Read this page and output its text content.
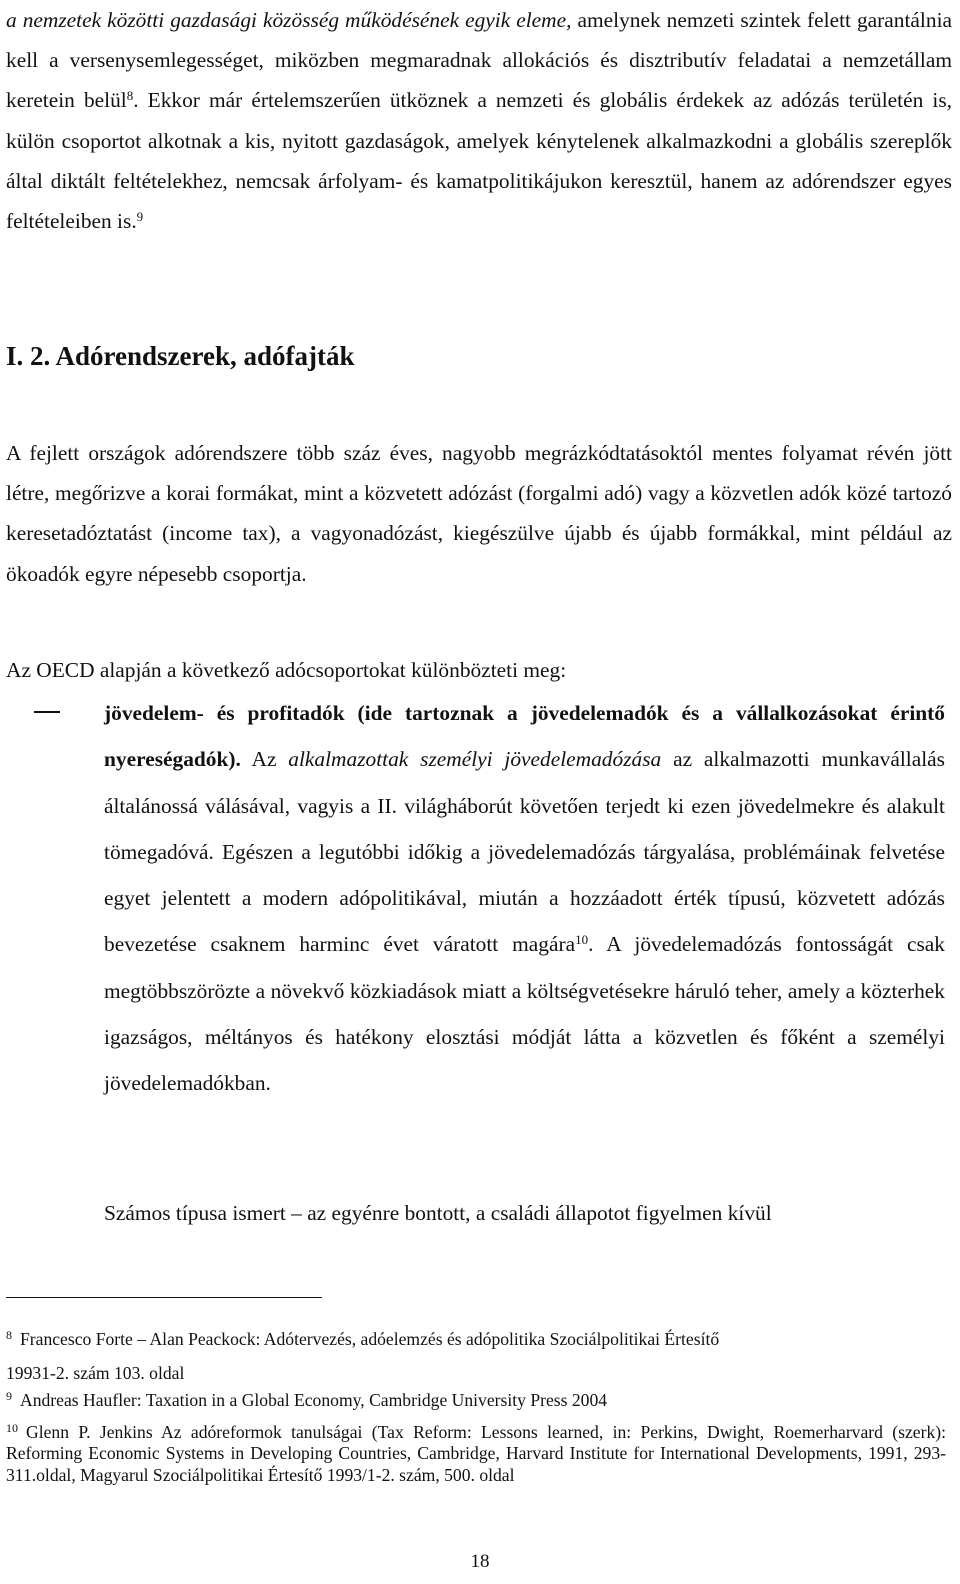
a nemzetek közötti gazdasági közösség működésének egyik eleme, amelynek nemzeti szintek felett garantálnia kell a versenysemlegességet, miközben megmaradnak allokációs és disztributív feladatai a nemzetállam keretein belül$^8$. Ekkor már értelemszerűen ütköznek a nemzeti és globális érdekek az adózás területén is, külön csoportot alkotnak a kis, nyitott gazdaságok, amelyek kénytelenek alkalmazkodni a globális szereplők által diktált feltételekhez, nemcsak árfolyam- és kamatpolitikájukon keresztül, hanem az adórendszer egyes feltételeiben is.$^9$

I. 2. Adórendszerek, adófajták

A fejlett országok adórendszere több száz éves, nagyobb megrázkódtatásoktól mentes folyamat révén jött létre, megőrizve a korai formákat, mint a közvetett adózást (forgalmi adó) vagy a közvetlen adók közé tartozó keresetadóztatást (income tax), a vagyonadózást, kiegészülve újabb és újabb formákkal, mint például az ökoadók egyre népesebb csoportja.

Az OECD alapján a következő adócsoportokat különbözteti meg:

jövedelem- és profitadók (ide tartoznak a jövedelemadók és a vállalkozásokat érintő nyereségadók). Az alkalmazottak személyi jövedelemadózása az alkalmazotti munkavállalás általánossá válásával, vagyis a II. világháborút követően terjedt ki ezen jövedelmekre és alakult tömegadóvá. Egészen a legutóbbi időkig a jövedelemadózás tárgyalása, problémáinak felvetése egyet jelentett a modern adópolitikával, miután a hozzáadott érték típusú, közvetett adózás bevezetése csaknem harminc évet váratott magára$^{10}$. A jövedelemadózás fontosságát csak megtöbbszörözte a növekvő közkiadások miatt a költségvetésekre háruló teher, amely a közterhek igazságos, méltányos és hatékony elosztási módját látta a közvetlen és főként a személyi jövedelemadókban.

Számos típusa ismert – az egyénre bontott, a családi állapotot figyelmen kívül

$^8$ Francesco Forte – Alan Peackock: Adótervezés, adóelemzés és adópolitika Szociálpolitikai Értesítő

19931-2. szám 103. oldal

$^9$ Andreas Haufler: Taxation in a Global Economy, Cambridge University Press 2004

$^{10}$ Glenn P. Jenkins Az adóreformok tanulságai (Tax Reform: Lessons learned, in: Perkins, Dwight, Roemerharvard (szerk): Reforming Economic Systems in Developing Countries, Cambridge, Harvard Institute for International Developments, 1991, 293-311.oldal, Magyarul Szociálpolitikai Értesítő 1993/1-2. szám, 500. oldal

18
